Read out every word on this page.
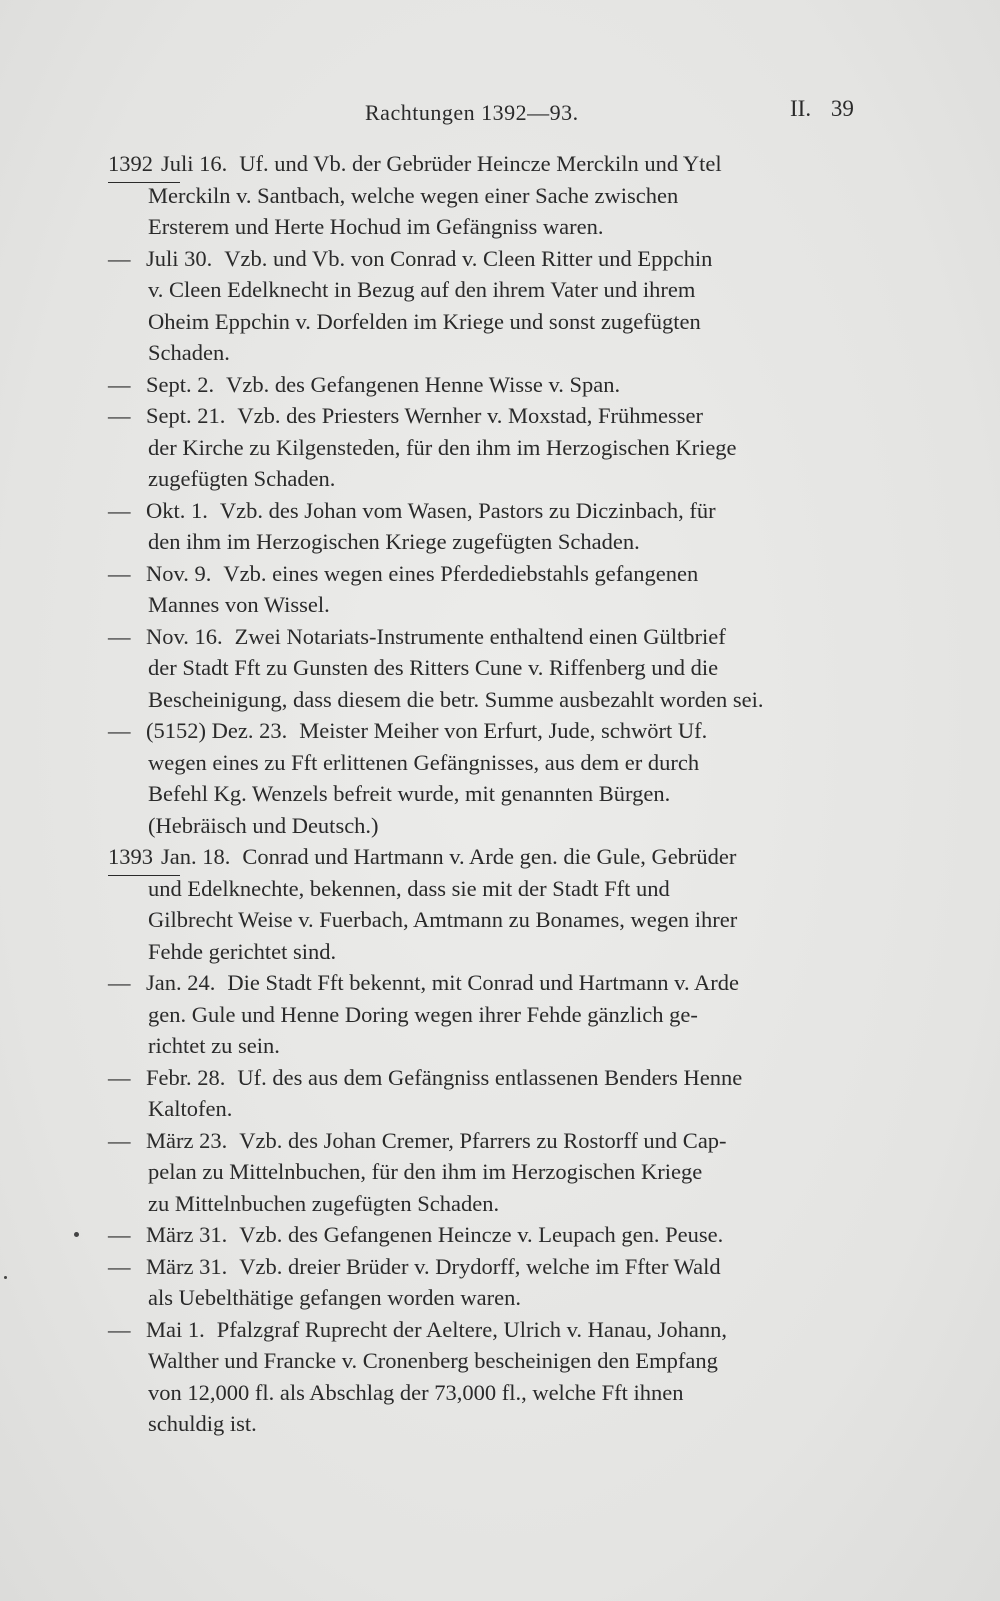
Rachtungen 1392—93.	II. 39
1392 Juli 16. Uf. und Vb. der Gebrüder Heincze Merckiln und Ytel
Merckiln v. Santbach, welche wegen einer Sache zwischen
Ersterem und Herte Hochud im Gefängniss waren.
— Juli 30. Vzb. und Vb. von Conrad v. Cleen Ritter und Eppchin
v. Cleen Edelknecht in Bezug auf den ihrem Vater und ihrem
Oheim Eppchin v. Dorfelden im Kriege und sonst zugefügten
Schaden.
— Sept. 2. Vzb. des Gefangenen Henne Wisse v. Span.
— Sept. 21. Vzb. des Priesters Wernher v. Moxstad, Frühmesser
der Kirche zu Kilgensteden, für den ihm im Herzogischen Kriege
zugefügten Schaden.
— Okt. 1. Vzb. des Johan vom Wasen, Pastors zu Diczinbach, für
den ihm im Herzogischen Kriege zugefügten Schaden.
— Nov. 9. Vzb. eines wegen eines Pferdediebstahls gefangenen
Mannes von Wissel.
— Nov. 16. Zwei Notariats-Instrumente enthaltend einen Gültbrief
der Stadt Fft zu Gunsten des Ritters Cune v. Riffenberg und die
Bescheinigung, dass diesem die betr. Summe ausbezahlt worden sei.
— (5152) Dez. 23. Meister Meiher von Erfurt, Jude, schwört Uf.
wegen eines zu Fft erlittenen Gefängnisses, aus dem er durch
Befehl Kg. Wenzels befreit wurde, mit genannten Bürgen.
(Hebräisch und Deutsch.)
1393 Jan. 18. Conrad und Hartmann v. Arde gen. die Gule, Gebrüder
und Edelknechte, bekennen, dass sie mit der Stadt Fft und
Gilbrecht Weise v. Fuerbach, Amtmann zu Bonames, wegen ihrer
Fehde gerichtet sind.
— Jan. 24. Die Stadt Fft bekennt, mit Conrad und Hartmann v. Arde
gen. Gule und Henne Doring wegen ihrer Fehde gänzlich ge-
richtet zu sein.
— Febr. 28. Uf. des aus dem Gefängniss entlassenen Benders Henne
Kaltofen.
— März 23. Vzb. des Johan Cremer, Pfarrers zu Rostorff und Cap-
pelan zu Mittelnbuchen, für den ihm im Herzogischen Kriege
zu Mittelnbuchen zugefügten Schaden.
— März 31. Vzb. des Gefangenen Heincze v. Leupach gen. Peuse.
— März 31. Vzb. dreier Brüder v. Drydorff, welche im Ffter Wald
als Uebelthätige gefangen worden waren.
— Mai 1. Pfalzgraf Ruprecht der Aeltere, Ulrich v. Hanau, Johann,
Walther und Francke v. Cronenberg bescheinigen den Empfang
von 12,000 fl. als Abschlag der 73,000 fl., welche Fft ihnen
schuldig ist.
